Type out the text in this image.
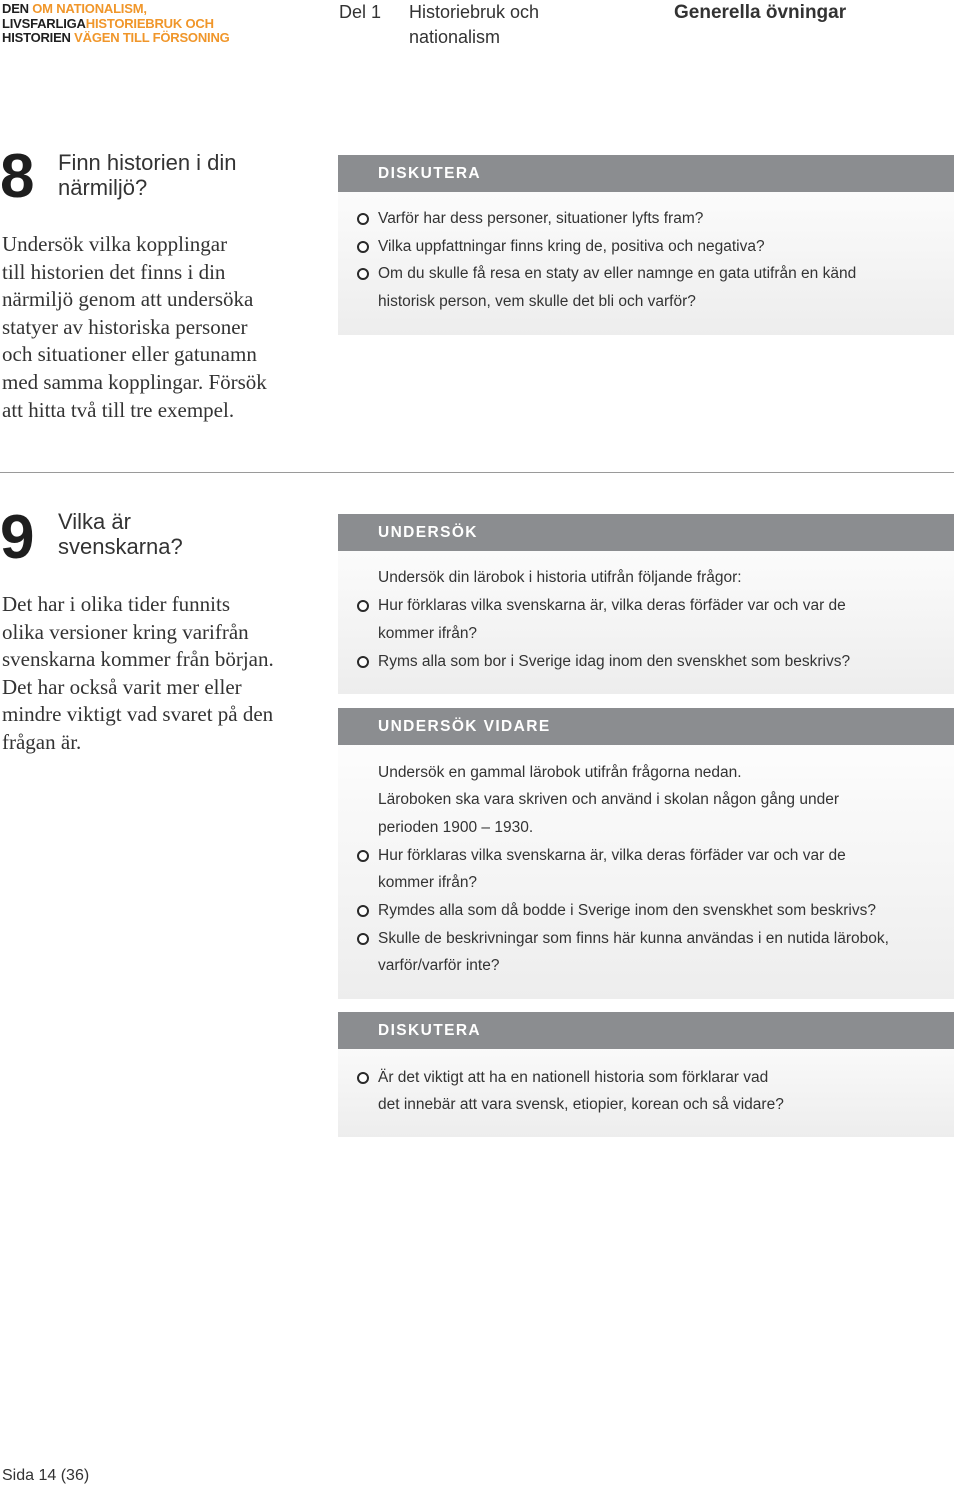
DEN OM NATIONALISM,
LIVSFARLIGAHISTORIEBRUK OCH
HISTORIEN VÄGEN TILL FÖRSONING
Del 1 Historiebruk och
nationalism
Generella övningar
8 Finn historien i din
närmiljö?
Undersök vilka kopplingar
till historien det finns i din
närmiljö genom att undersöka
statyer av historiska personer
och situationer eller gatunamn
med samma kopplingar. Försök
att hitta två till tre exempel.
DISKUTERA
Varför har dess personer, situationer lyfts fram?
Vilka uppfattningar finns kring de, positiva och negativa?
Om du skulle få resa en staty av eller namnge en gata utifrån en känd
historisk person, vem skulle det bli och varför?
9 Vilka är
svenskarna?
Det har i olika tider funnits
olika versioner kring varifrån
svenskarna kommer från början.
Det har också varit mer eller
mindre viktigt vad svaret på den
frågan är.
UNDERSÖK
Undersök din lärobok i historia utifrån följande frågor:
Hur förklaras vilka svenskarna är, vilka deras förfäder var och var de
kommer ifrån?
Ryms alla som bor i Sverige idag inom den svenskhet som beskrivs?
UNDERSÖK VIDARE
Undersök en gammal lärobok utifrån frågorna nedan.
Läroboken ska vara skriven och använd i skolan någon gång under
perioden 1900 – 1930.
Hur förklaras vilka svenskarna är, vilka deras förfäder var och var de
kommer ifrån?
Rymdes alla som då bodde i Sverige inom den svenskhet som beskrivs?
Skulle de beskrivningar som finns här kunna användas i en nutida lärobok,
varför/varför inte?
DISKUTERA
Är det viktigt att ha en nationell historia som förklarar vad
det innebär att vara svensk, etiopier, korean och så vidare?
Sida 14 (36)
